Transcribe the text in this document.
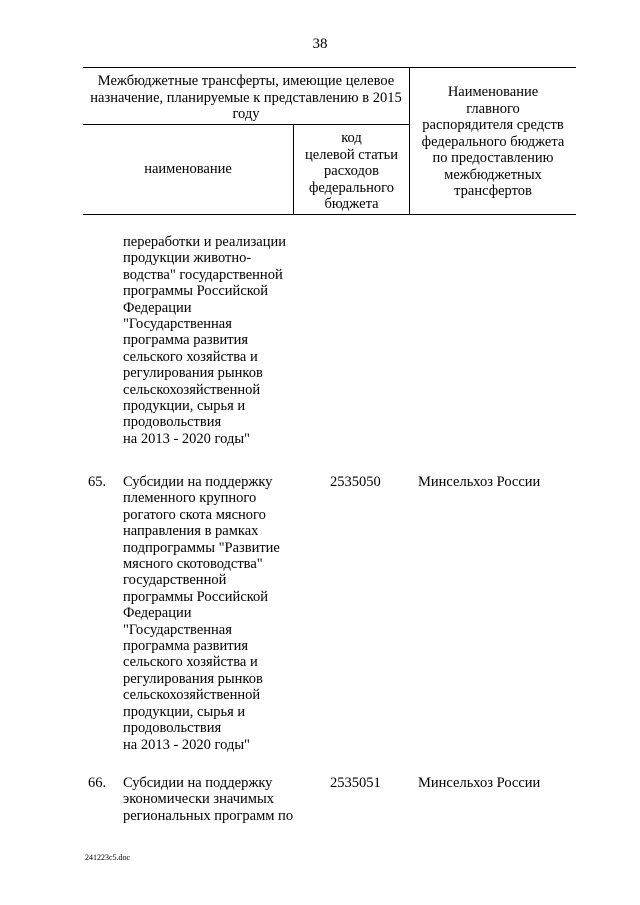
38
Межбюджетные трансферты, имеющие целевое назначение, планируемые к представлению в 2015 году
Наименование
главного
распорядителя средств
федерального бюджета
по предоставлению
межбюджетных
трансфертов
код
целевой статьи
расходов
федерального
бюджета
наименование
переработки и реализации
продукции животно-
водства" государственной
программы Российской
Федерации
"Государственная
программа развития
сельского хозяйства и
регулирования рынков
сельскохозяйственной
продукции, сырья и
продовольствия
на 2013 - 2020 годы"
65. Субсидии на поддержку
племенного крупного
рогатого скота мясного
направления в рамках
подпрограммы "Развитие
мясного скотоводства"
государственной
программы Российской
Федерации
"Государственная
программа развития
сельского хозяйства и
регулирования рынков
сельскохозяйственной
продукции, сырья и
продовольствия
на 2013 - 2020 годы"
2535050	Минсельхоз России
66. Субсидии на поддержку
экономически значимых
региональных программ по
2535051	Минсельхоз России
241223с5.doc
